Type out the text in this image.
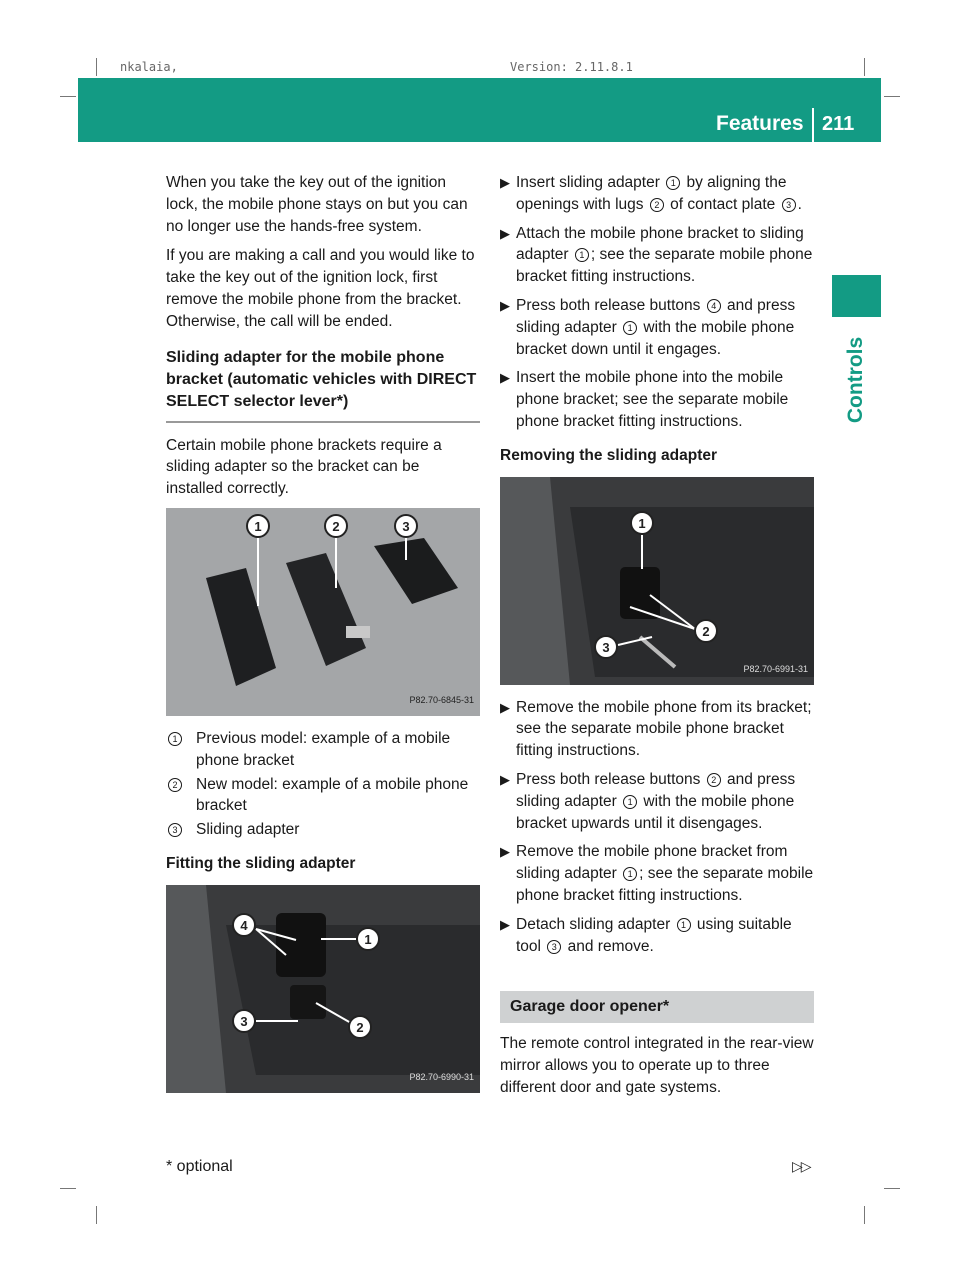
nkalaia,	Version: 2.11.8.1
Features 211
Controls

When you take the key out of the ignition lock, the mobile phone stays on but you can no longer use the hands-free system.

If you are making a call and you would like to take the key out of the ignition lock, first remove the mobile phone from the bracket. Otherwise, the call will be ended.

Sliding adapter for the mobile phone bracket (automatic vehicles with DIRECT SELECT selector lever*)

Certain mobile phone brackets require a sliding adapter so the bracket can be installed correctly.

1	2	3
P82.70-6845-31
1	Previous model: example of a mobile phone bracket
2	New model: example of a mobile phone bracket
3	Sliding adapter
Fitting the sliding adapter
4
1
3	2
P82.70-6990-31
▶ Insert sliding adapter 1 by aligning the openings with lugs 2 of contact plate 3 .
▶ Attach the mobile phone bracket to sliding adapter 1 ; see the separate mobile phone bracket fitting instructions.
▶ Press both release buttons 4 and press sliding adapter 1 with the mobile phone bracket down until it engages.
▶ Insert the mobile phone into the mobile phone bracket; see the separate mobile phone bracket fitting instructions.
Removing the sliding adapter
1
2
3
P82.70-6991-31
▶ Remove the mobile phone from its bracket; see the separate mobile phone bracket fitting instructions.
▶ Press both release buttons 2 and press sliding adapter 1 with the mobile phone bracket upwards until it disengages.
▶ Remove the mobile phone bracket from sliding adapter 1 ; see the separate mobile phone bracket fitting instructions.
▶ Detach sliding adapter 1 using suitable tool 3 and remove.
Garage door opener*

The remote control integrated in the rear-view mirror allows you to operate up to three different door and gate systems.

* optional	▷▷
